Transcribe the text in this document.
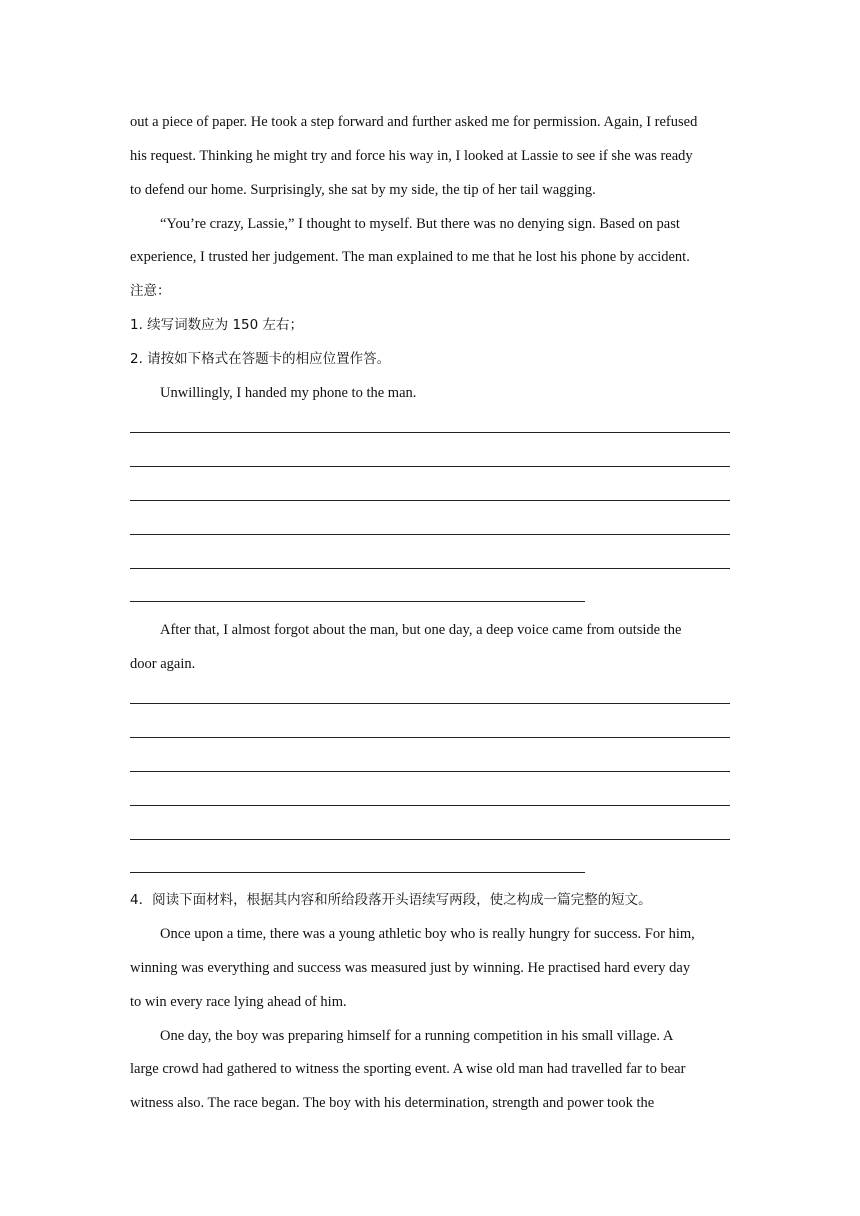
out a piece of paper. He took a step forward and further asked me for permission. Again, I refused
his request. Thinking he might try and force his way in, I looked at Lassie to see if she was ready
to defend our home. Surprisingly, she sat by my side, the tip of her tail wagging.
“You’re crazy, Lassie,” I thought to myself. But there was no denying sign. Based on past
experience, I trusted her judgement. The man explained to me that he lost his phone by accident.
注意：
1. 续写词数应为 150 左右；
2. 请按如下格式在答题卡的相应位置作答。
Unwillingly, I handed my phone to the man.
After that, I almost forgot about the man, but one day, a deep voice came from outside the
door again.
4．阅读下面材料，根据其内容和所给段落开头语续写两段，使之构成一篇完整的短文。
Once upon a time, there was a young athletic boy who is really hungry for success. For him,
winning was everything and success was measured just by winning. He practised hard every day
to win every race lying ahead of him.
One day, the boy was preparing himself for a running competition in his small village. A
large crowd had gathered to witness the sporting event. A wise old man had travelled far to bear
witness also. The race began. The boy with his determination, strength and power took the
